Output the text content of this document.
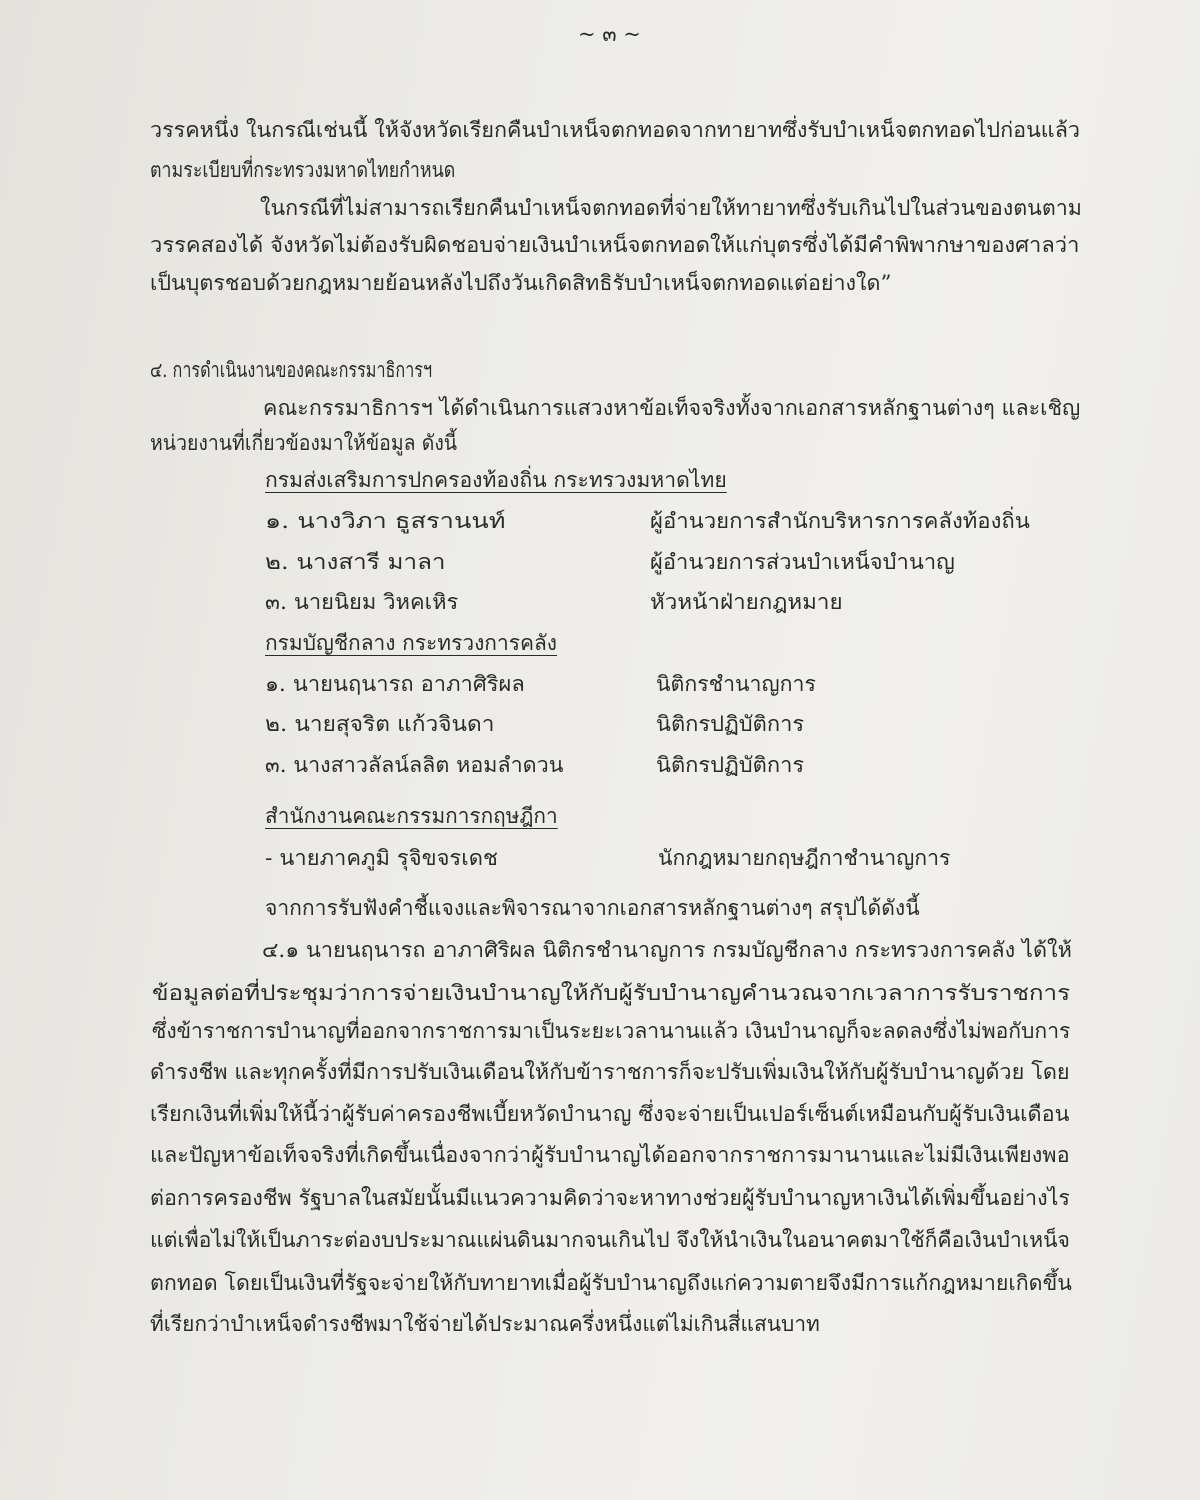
~ ๓ ~
วรรคหนึ่ง ในกรณีเช่นนี้ ให้จังหวัดเรียกคืนบำเหน็จตกทอดจากทายาทซึ่งรับบำเหน็จตกทอดไปก่อนแล้ว
ตามระเบียบที่กระทรวงมหาดไทยกำหนด
ในกรณีที่ไม่สามารถเรียกคืนบำเหน็จตกทอดที่จ่ายให้ทายาทซึ่งรับเกินไปในส่วนของตนตาม
วรรคสองได้ จังหวัดไม่ต้องรับผิดชอบจ่ายเงินบำเหน็จตกทอดให้แก่บุตรซึ่งได้มีคำพิพากษาของศาลว่า
เป็นบุตรชอบด้วยกฎหมายย้อนหลังไปถึงวันเกิดสิทธิรับบำเหน็จตกทอดแต่อย่างใด”
๔. การดำเนินงานของคณะกรรมาธิการฯ
คณะกรรมาธิการฯ ได้ดำเนินการแสวงหาข้อเท็จจริงทั้งจากเอกสารหลักฐานต่างๆ และเชิญ
หน่วยงานที่เกี่ยวข้องมาให้ข้อมูล ดังนี้
กรมส่งเสริมการปกครองท้องถิ่น กระทรวงมหาดไทย
๑. นางวิภา ธูสรานนท์	ผู้อำนวยการสำนักบริหารการคลังท้องถิ่น
๒. นางสารี มาลา	ผู้อำนวยการส่วนบำเหน็จบำนาญ
๓. นายนิยม วิหคเหิร	หัวหน้าฝ่ายกฎหมาย
กรมบัญชีกลาง กระทรวงการคลัง
๑. นายนฤนารถ อาภาศิริผล	นิติกรชำนาญการ
๒. นายสุจริต แก้วจินดา	นิติกรปฏิบัติการ
๓. นางสาวลัลน์ลลิต หอมลำดวน	นิติกรปฏิบัติการ
สำนักงานคณะกรรมการกฤษฎีกา
- นายภาคภูมิ รุจิขจรเดช	นักกฎหมายกฤษฎีกาชำนาญการ
จากการรับฟังคำชี้แจงและพิจารณาจากเอกสารหลักฐานต่างๆ สรุปได้ดังนี้
๔.๑ นายนฤนารถ อาภาศิริผล นิติกรชำนาญการ กรมบัญชีกลาง กระทรวงการคลัง ได้ให้
ข้อมูลต่อที่ประชุมว่าการจ่ายเงินบำนาญให้กับผู้รับบำนาญคำนวณจากเวลาการรับราชการ
ซึ่งข้าราชการบำนาญที่ออกจากราชการมาเป็นระยะเวลานานแล้ว เงินบำนาญก็จะลดลงซึ่งไม่พอกับการ
ดำรงชีพ และทุกครั้งที่มีการปรับเงินเดือนให้กับข้าราชการก็จะปรับเพิ่มเงินให้กับผู้รับบำนาญด้วย โดย
เรียกเงินที่เพิ่มให้นี้ว่าผู้รับค่าครองชีพเบี้ยหวัดบำนาญ ซึ่งจะจ่ายเป็นเปอร์เซ็นต์เหมือนกับผู้รับเงินเดือน
และปัญหาข้อเท็จจริงที่เกิดขึ้นเนื่องจากว่าผู้รับบำนาญได้ออกจากราชการมานานและไม่มีเงินเพียงพอ
ต่อการครองชีพ รัฐบาลในสมัยนั้นมีแนวความคิดว่าจะหาทางช่วยผู้รับบำนาญหาเงินได้เพิ่มขึ้นอย่างไร
แต่เพื่อไม่ให้เป็นภาระต่องบประมาณแผ่นดินมากจนเกินไป จึงให้นำเงินในอนาคตมาใช้ก็คือเงินบำเหน็จ
ตกทอด โดยเป็นเงินที่รัฐจะจ่ายให้กับทายาทเมื่อผู้รับบำนาญถึงแก่ความตายจึงมีการแก้กฎหมายเกิดขึ้น
ที่เรียกว่าบำเหน็จดำรงชีพมาใช้จ่ายได้ประมาณครึ่งหนึ่งแต่ไม่เกินสี่แสนบาท
